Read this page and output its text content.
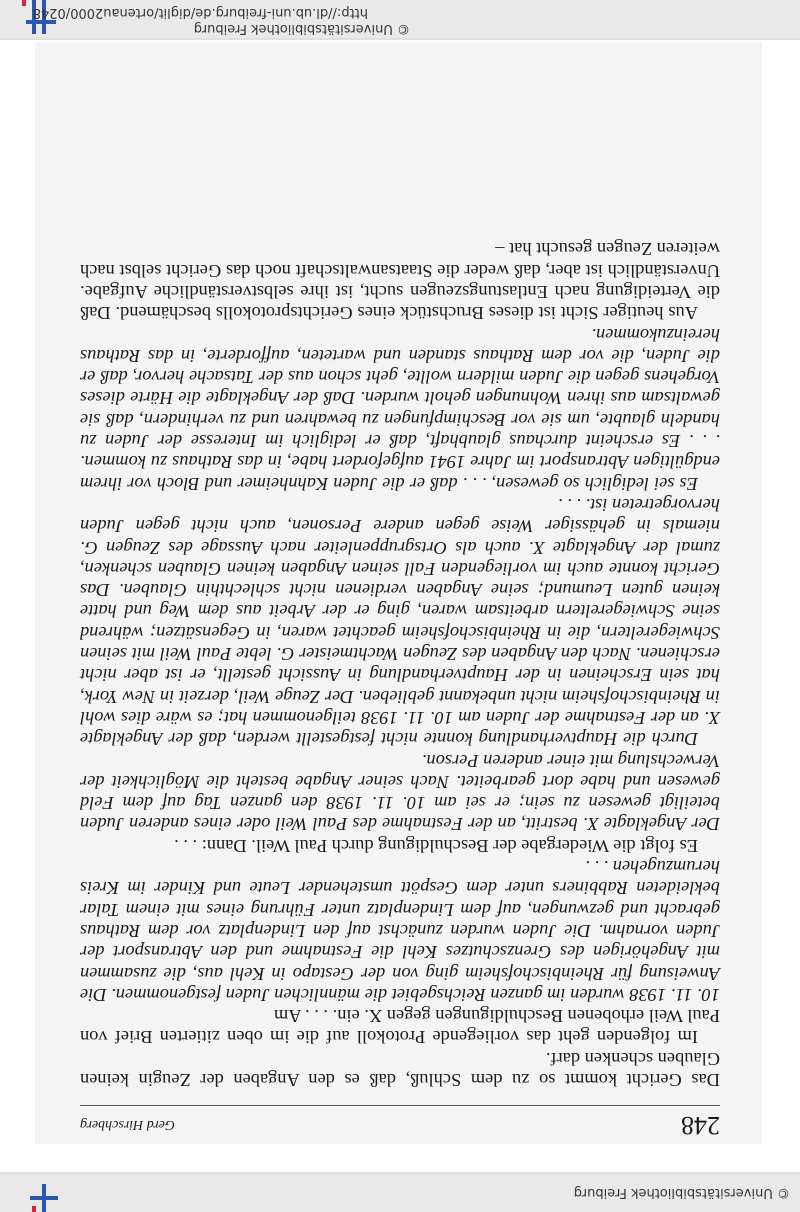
© Universitätsbibliothek Freiburg
248
Gerd Hirschberg

Das Gericht kommt so zu dem Schluß, daß es den Angaben der Zeugin keinen Glauben schenken darf.

Im folgenden geht das vorliegende Protokoll auf die im oben zitierten Brief von Paul Weil erhobenen Beschuldigungen gegen X. ein. . . . Am

10. 11. 1938 wurden im ganzen Reichsgebiet die männlichen Juden festgenommen. Die Anweisung für Rheinbischofsheim ging von der Gestapo in Kehl aus, die zusammen mit Angehörigen des Grenzschutzes Kehl die Festnahme und den Abtransport der Juden vornahm. Die Juden wurden zunächst auf den Lindenplatz vor dem Rathaus gebracht und gezwungen, auf dem Lindenplatz unter Führung eines mit einem Talar bekleideten Rabbiners unter dem Gespött umstehender Leute und Kinder im Kreis herumzugehen . . .

Es folgt die Wiedergabe der Beschuldigung durch Paul Weil. Dann: . . .

Der Angeklagte X. bestritt, an der Festnahme des Paul Weil oder eines anderen Juden beteiligt gewesen zu sein; er sei am 10. 11. 1938 den ganzen Tag auf dem Feld gewesen und habe dort gearbeitet. Nach seiner Angabe besteht die Möglichkeit der Verwechslung mit einer anderen Person.

Durch die Hauptverhandlung konnte nicht festgestellt werden, daß der Angeklagte X. an der Festnahme der Juden am 10. 11. 1938 teilgenommen hat; es wäre dies wohl in Rheinbischofsheim nicht unbekannt geblieben. Der Zeuge Weil, derzeit in New York, hat sein Erscheinen in der Hauptverhandlung in Aussicht gestellt, er ist aber nicht erschienen. Nach den Angaben des Zeugen Wachtmeister G. lebte Paul Weil mit seinen Schwiegereltern, die in Rheinbischofsheim geachtet waren, in Gegensätzen; während seine Schwiegereltern arbeitsam waren, ging er der Arbeit aus dem Weg und hatte keinen guten Leumund; seine Angaben verdienen nicht schlechthin Glauben. Das Gericht konnte auch im vorliegenden Fall seinen Angaben keinen Glauben schenken, zumal der Angeklagte X. auch als Ortsgruppenleiter nach Aussage des Zeugen G. niemals in gehässiger Weise gegen andere Personen, auch nicht gegen Juden hervorgetreten ist. . . .

Es sei lediglich so gewesen, . . . daß er die Juden Kahnheimer und Bloch vor ihrem endgültigen Abtransport im Jahre 1941 aufgefordert habe, in das Rathaus zu kommen. . . . Es erscheint durchaus glaubhaft, daß er lediglich im Interesse der Juden zu handeln glaubte, um sie vor Beschimpfungen zu bewahren und zu verhindern, daß sie gewaltsam aus ihren Wohnungen geholt wurden. Daß der Angeklagte die Härte dieses Vorgehens gegen die Juden mildern wollte, geht schon aus der Tatsache hervor, daß er die Juden, die vor dem Rathaus standen und warteten, aufforderte, in das Rathaus hereinzukommen.

Aus heutiger Sicht ist dieses Bruchstück eines Gerichtsprotokolls beschämend. Daß die Verteidigung nach Entlastungszeugen sucht, ist ihre selbstverständliche Aufgabe. Unverständlich ist aber, daß weder die Staatsanwaltschaft noch das Gericht selbst nach weiteren Zeugen gesucht hat –

© Universitätsbibliothek Freiburg
http://dl.ub.uni-freiburg.de/diglit/ortenau2000/0248
